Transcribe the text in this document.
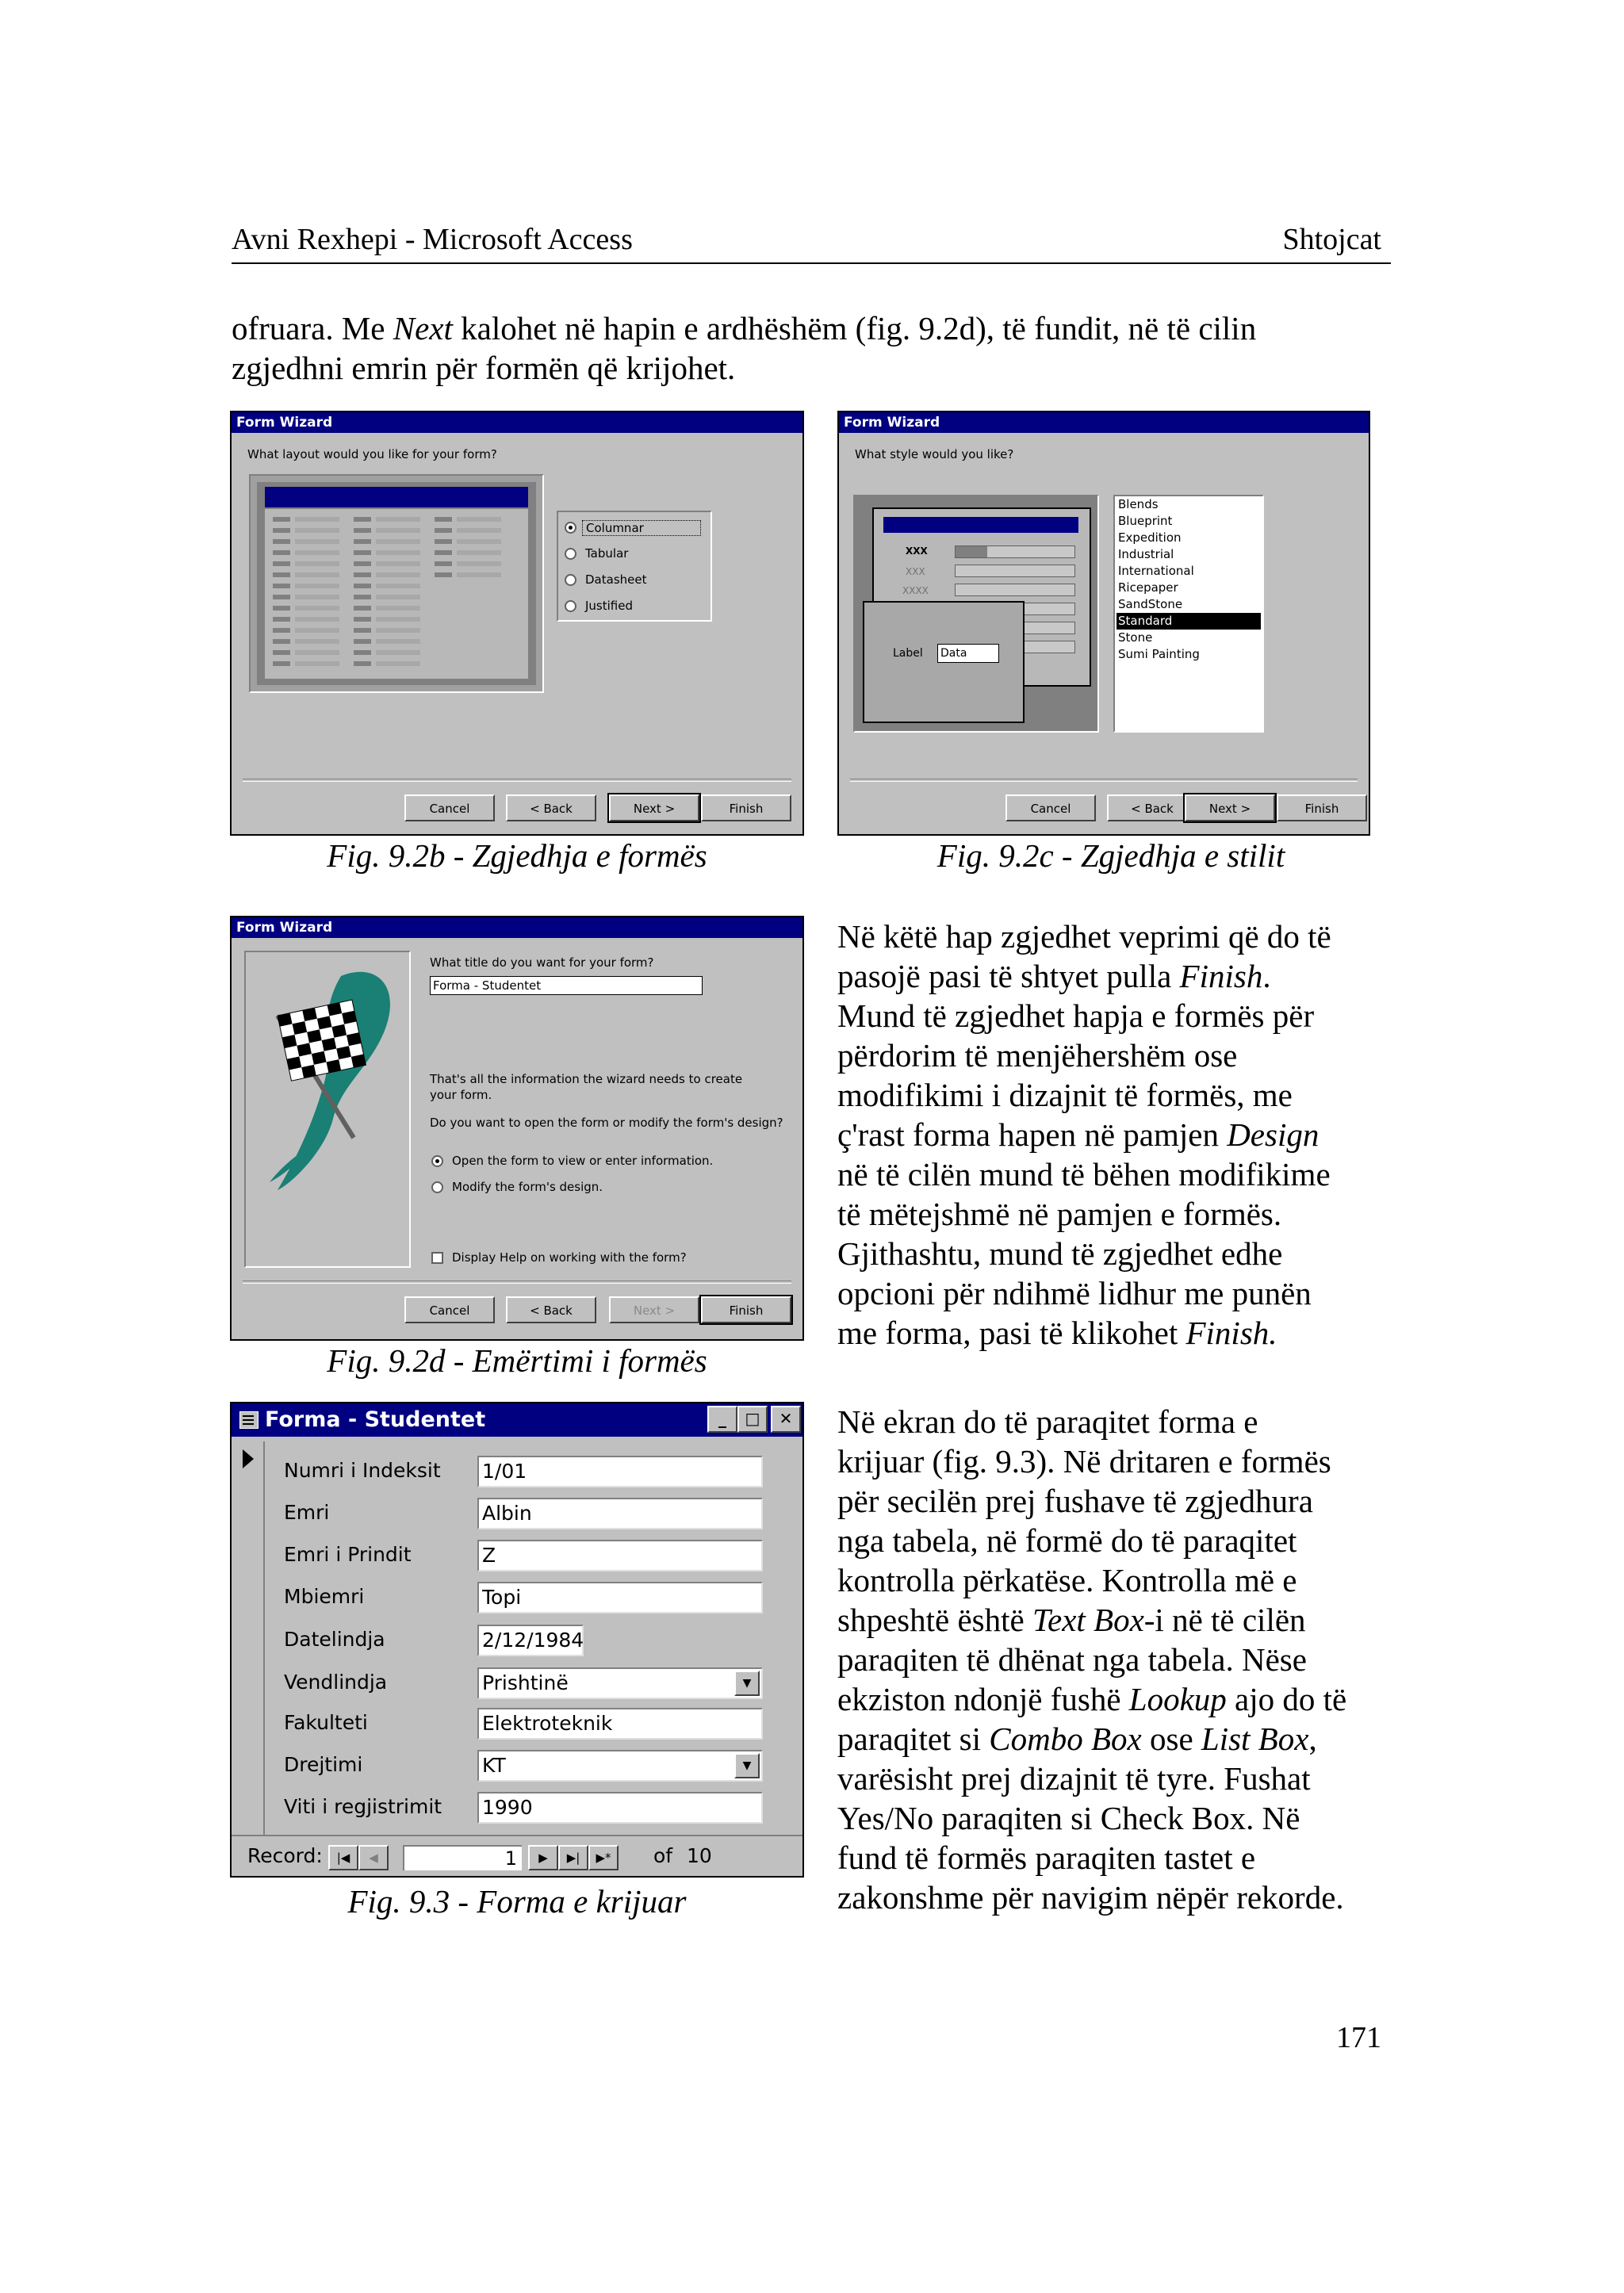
Avni Rexhepi - Microsoft Access	Shtojcat
ofruara. Me Next kalohet në hapin e ardhëshëm (fig. 9.2d), të fundit, në të cilin
zgjedhni emrin për formën që krijohet.
Form Wizard
What layout would you like for your form?
Columnar
Tabular
Datasheet
Justified
Cancel	< Back	Next >	Finish
Fig. 9.2b - Zgjedhja e formës
Form Wizard
What style would you like?
XXX
XXX
XXXX
Label Data
Blends
Blueprint
Expedition
Industrial
International
Ricepaper
SandStone
Standard
Stone
Sumi Painting
Cancel	< Back	Next >	Finish
Fig. 9.2c - Zgjedhja e stilit
Form Wizard
What title do you want for your form?
Forma - Studentet
That's all the information the wizard needs to create your form.
Do you want to open the form or modify the form's design?
Open the form to view or enter information.
Modify the form's design.
Display Help on working with the form?
Cancel	< Back	Next >	Finish
Fig. 9.2d - Emërtimi i formës
Në këtë hap zgjedhet veprimi që do të
pasojë pasi të shtyet pulla Finish.
Mund të zgjedhet hapja e formës për
përdorim të menjëhershëm ose
modifikimi i dizajnit të formës, me
ç'rast forma hapen në pamjen Design
në të cilën mund të bëhen modifikime
të mëtejshmë në pamjen e formës.
Gjithashtu, mund të zgjedhet edhe
opcioni për ndihmë lidhur me punën
me forma, pasi të klikohet Finish.
Forma - Studentet	_	□	✕
Numri i Indeksit 1/01
Emri	Albin
Emri i Prindit	Z
Mbiemri	Topi
Datelindja	2/12/1984
Vendlindja	Prishtinë	▼
Fakulteti	Elektroteknik
Drejtimi	KT	▼
Viti i regjistrimit 1990
Record:	|◀	◀	1	▶	▶|	▶*	of 10
Fig. 9.3 - Forma e krijuar
Në ekran do të paraqitet forma e
krijuar (fig. 9.3). Në dritaren e formës
për secilën prej fushave të zgjedhura
nga tabela, në formë do të paraqitet
kontrolla përkatëse. Kontrolla më e
shpeshtë është Text Box-i në të cilën
paraqiten të dhënat nga tabela. Nëse
ekziston ndonjë fushë Lookup ajo do të
paraqitet si Combo Box ose List Box,
varësisht prej dizajnit të tyre. Fushat
Yes/No paraqiten si Check Box. Në
fund të formës paraqiten tastet e
zakonshme për navigim nëpër rekorde.
171
